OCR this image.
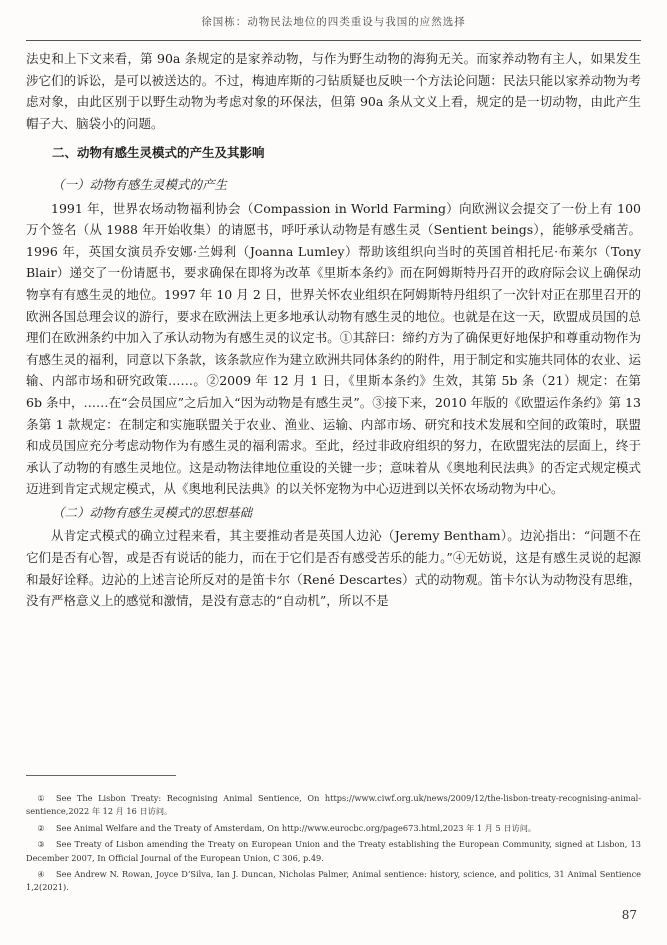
徐国栋：动物民法地位的四类重设与我国的应然选择

法史和上下文来看，第 90a 条规定的是家养动物，与作为野生动物的海狗无关。而家养动物有主人，如果发生涉它们的诉讼，是可以被送达的。不过，梅迪库斯的刁钻质疑也反映一个方法论问题：民法只能以家养动物为考虑对象，由此区别于以野生动物为考虑对象的环保法，但第 90a 条从文义上看，规定的是一切动物，由此产生帽子大、脑袋小的问题。

二、动物有感生灵模式的产生及其影响
（一）动物有感生灵模式的产生

1991 年，世界农场动物福利协会（Compassion in World Farming）向欧洲议会提交了一份上有 100 万个签名（从 1988 年开始收集）的请愿书，呼吁承认动物是有感生灵（Sentient beings），能够承受痛苦。1996 年，英国女演员乔安娜·兰姆利（Joanna Lumley）帮助该组织向当时的英国首相托尼·布莱尔（Tony Blair）递交了一份请愿书，要求确保在即将为改革《里斯本条约》而在阿姆斯特丹召开的政府际会议上确保动物享有有感生灵的地位。1997 年 10 月 2 日，世界关怀农业组织在阿姆斯特丹组织了一次针对正在那里召开的欧洲各国总理会议的游行，要求在欧洲法上更多地承认动物有感生灵的地位。也就是在这一天，欧盟成员国的总理们在欧洲条约中加入了承认动物为有感生灵的议定书。①其辞曰：缔约方为了确保更好地保护和尊重动物作为有感生灵的福利，同意以下条款，该条款应作为建立欧洲共同体条约的附件，用于制定和实施共同体的农业、运输、内部市场和研究政策……。②2009 年 12 月 1 日，《里斯本条约》生效，其第 5b 条（21）规定：在第 6b 条中，……在“会员国应”之后加入“因为动物是有感生灵”。③接下来，2010 年版的《欧盟运作条约》第 13 条第 1 款规定：在制定和实施联盟关于农业、渔业、运输、内部市场、研究和技术发展和空间的政策时，联盟和成员国应充分考虑动物作为有感生灵的福利需求。至此，经过非政府组织的努力，在欧盟宪法的层面上，终于承认了动物的有感生灵地位。这是动物法律地位重设的关键一步；意味着从《奥地利民法典》的否定式规定模式迈进到肯定式规定模式，从《奥地利民法典》的以关怀宠物为中心迈进到以关怀农场动物为中心。

（二）动物有感生灵模式的思想基础

从肯定式模式的确立过程来看，其主要推动者是英国人边沁（Jeremy Bentham）。边沁指出：“问题不在它们是否有心智，或是否有说话的能力，而在于它们是否有感受苦乐的能力。”④无妨说，这是有感生灵说的起源和最好诠释。边沁的上述言论所反对的是笛卡尔（René Descartes）式的动物观。笛卡尔认为动物没有思维，没有严格意义上的感觉和激情，是没有意志的“自动机”，所以不是

① See The Lisbon Treaty: Recognising Animal Sentience, On https://www.ciwf.org.uk/news/2009/12/the-lisbon-treaty-recognising-animal-sentience,2022 年 12 月 16 日访问。

② See Animal Welfare and the Treaty of Amsterdam, On http://www.eurocbc.org/page673.html,2023 年 1 月 5 日访问。

③ See Treaty of Lisbon amending the Treaty on European Union and the Treaty establishing the European Community, signed at Lisbon, 13 December 2007, In Official Journal of the European Union, C 306, p.49.

④ See Andrew N. Rowan, Joyce D’Silva, Ian J. Duncan, Nicholas Palmer, Animal sentience: history, science, and politics, 31 Animal Sentience 1,2(2021).

87
